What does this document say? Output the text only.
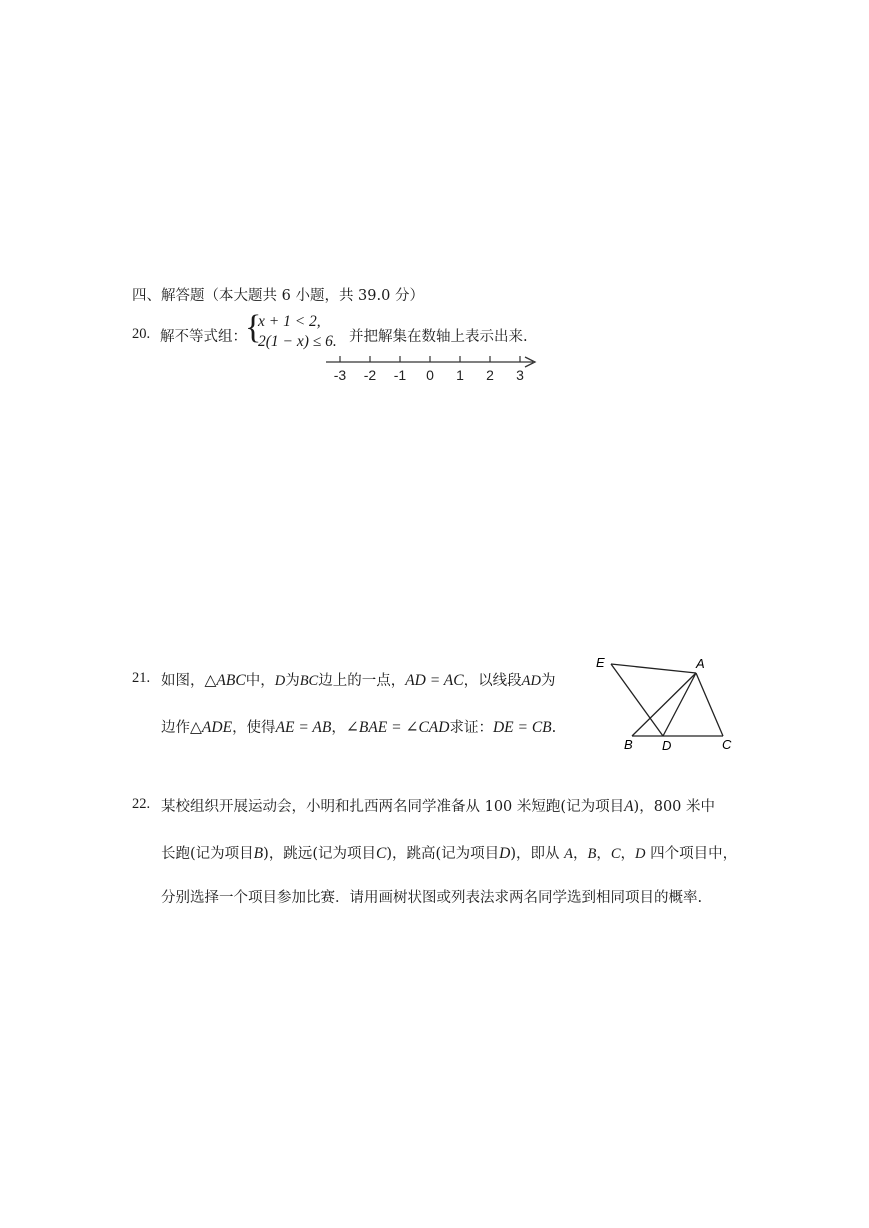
四、解答题（本大题共 6 小题，共 39.0 分）
20. 解不等式组：
{
x + 1 < 2,
2(1 − x) ≤ 6. 并把解集在数轴上表示出来.
-3 -2 -1 0 1 2 3
21. 如图，△ABC中，D为BC边上的一点，AD = AC，以线段AD为
边作△ADE，使得AE = AB，∠BAE = ∠CAD求证：DE = CB.
E	A
B D	C
22. 某校组织开展运动会，小明和扎西两名同学准备从 100 米短跑(记为项目A)，800 米中
长跑(记为项目B)，跳远(记为项目C)，跳高(记为项目D)，即从 A，B，C，D 四个项目中，
分别选择一个项目参加比赛．请用画树状图或列表法求两名同学选到相同项目的概率.
